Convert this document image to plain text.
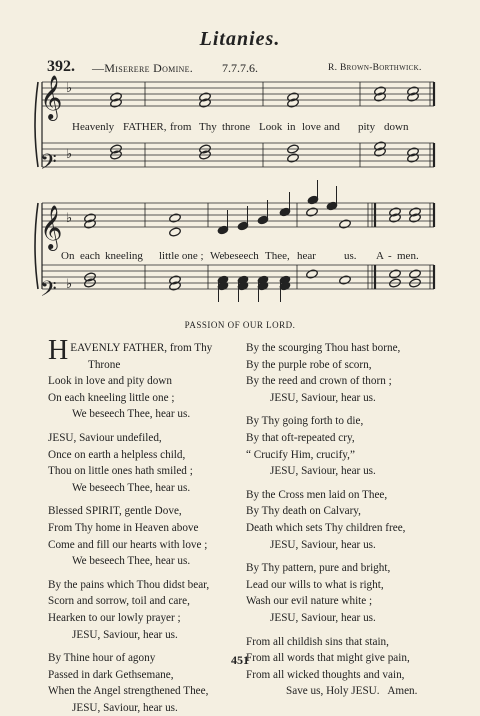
Litanies.
392. —Miserere Domine. 7.7.7.6.	R. Brown-Borthwick.
𝄞
𝄢
𝄞
𝄢
♭
♭
♭
♭
Heavenly FATHER, from Thy throne Look in love and pity down
On each kneeling little one ; We beseech Thee, hear	us. A - men.
PASSION OF OUR LORD.
H EAVENLY FATHER, from Thy
Throne
Look in love and pity down
On each kneeling little one ;
We beseech Thee, hear us.
JESU, Saviour undefiled,
Once on earth a helpless child,
Thou on little ones hath smiled ;
We beseech Thee, hear us.
Blessed SPIRIT, gentle Dove,
From Thy home in Heaven above
Come and fill our hearts with love ;
We beseech Thee, hear us.
By the pains which Thou didst bear,
Scorn and sorrow, toil and care,
Hearken to our lowly prayer ;
JESU, Saviour, hear us.
By Thine hour of agony
Passed in dark Gethsemane,
When the Angel strengthened Thee,
JESU, Saviour, hear us.
By the scourging Thou hast borne,
By the purple robe of scorn,
By the reed and crown of thorn ;
JESU, Saviour, hear us.
By Thy going forth to die,
By that oft-repeated cry,
“ Crucify Him, crucify,”
JESU, Saviour, hear us.
By the Cross men laid on Thee,
By Thy death on Calvary,
Death which sets Thy children free,
JESU, Saviour, hear us.
By Thy pattern, pure and bright,
Lead our wills to what is right,
Wash our evil nature white ;
JESU, Saviour, hear us.
From all childish sins that stain,
From all words that might give pain,
From all wicked thoughts and vain,
Save us, Holy JESU.   Amen.
451
